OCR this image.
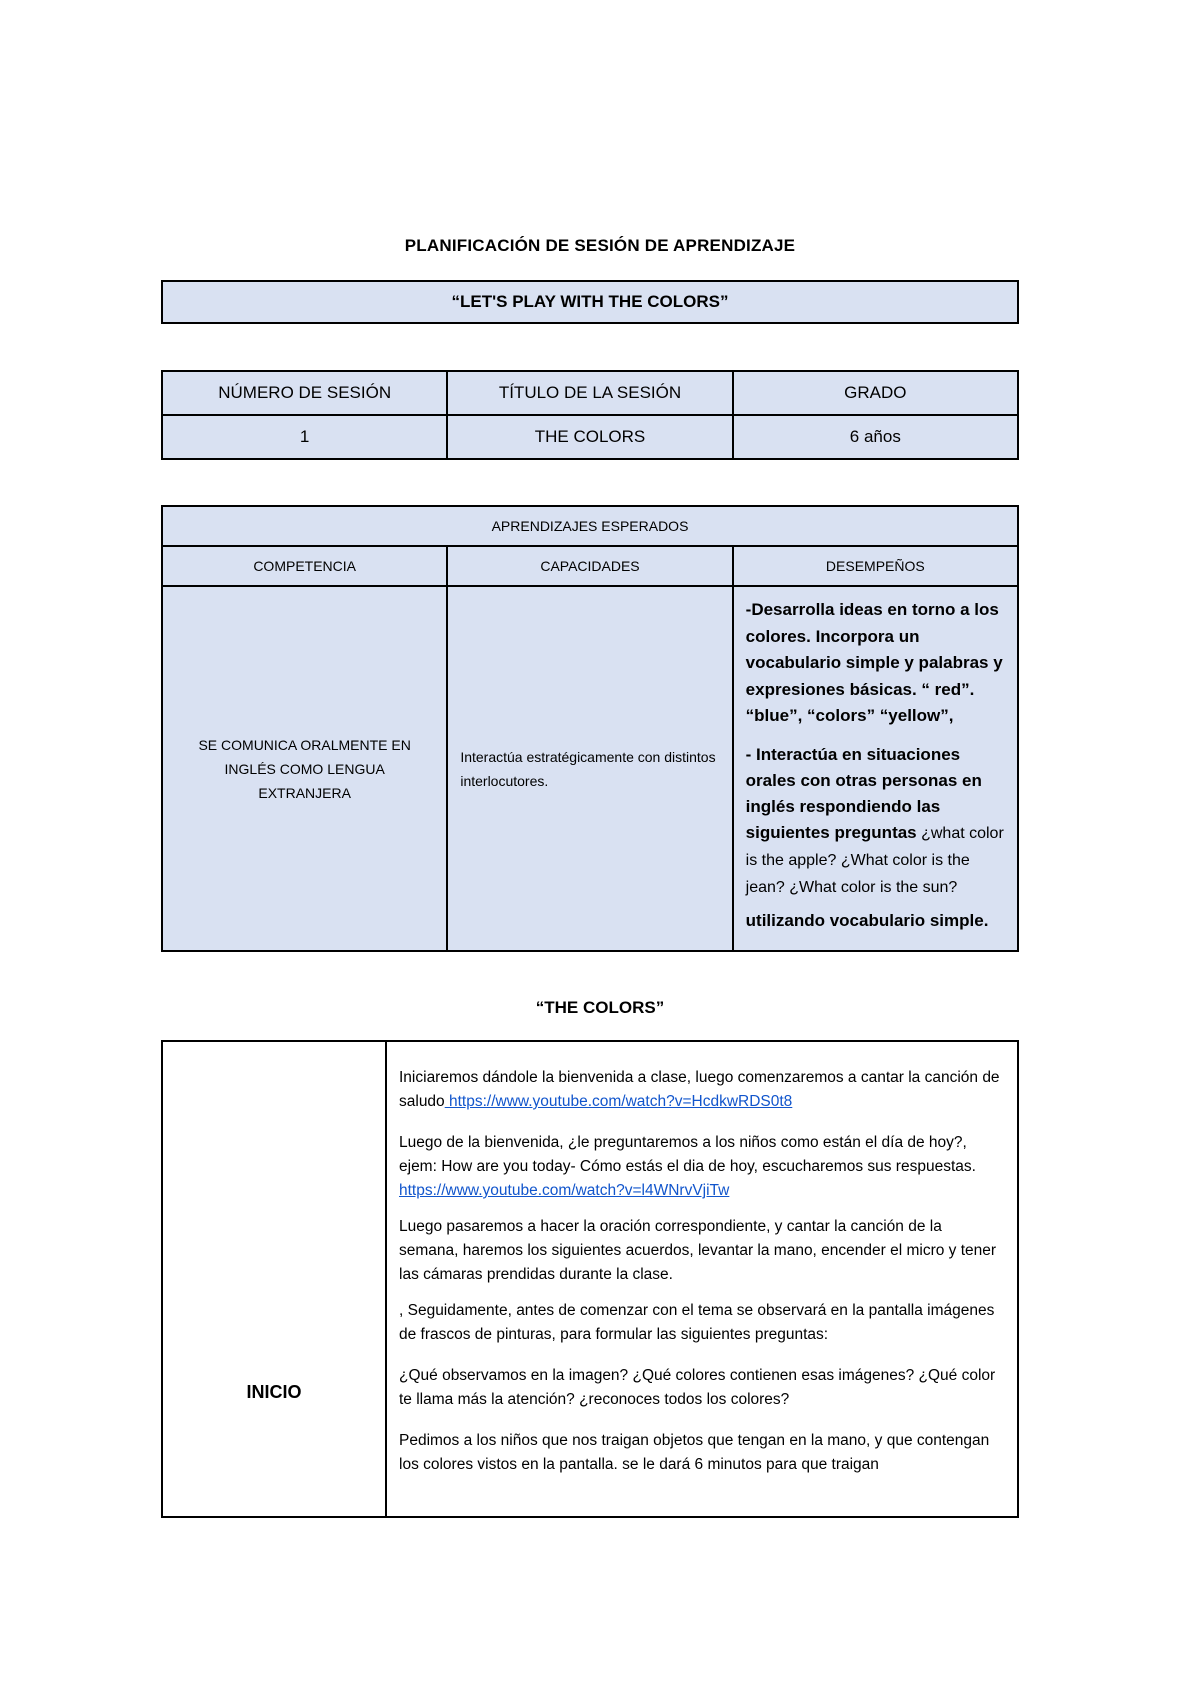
PLANIFICACIÓN DE SESIÓN DE APRENDIZAJE
“LET'S PLAY WITH THE COLORS”
NÚMERO DE SESIÓN	TÍTULO DE LA SESIÓN	GRADO
1	THE COLORS	6 años
APRENDIZAJES ESPERADOS		
COMPETENCIA	CAPACIDADES	DESEMPEÑOS
SE COMUNICA ORALMENTE EN INGLÉS COMO LENGUA EXTRANJERA	Interactúa estratégicamente con distintos interlocutores.	-Desarrolla ideas en torno a los colores. Incorpora un vocabulario simple y palabras y expresiones básicas. “ red”. “blue”, “colors” “yellow”,

- Interactúa en situaciones orales con otras personas en inglés respondiendo las siguientes preguntas ¿what color is the apple? ¿What color is the jean? ¿What color is the sun?

utilizando vocabulario simple.

“THE COLORS”
INICIO	

Iniciaremos dándole la bienvenida a clase, luego comenzaremos a cantar la canción de saludo https://www.youtube.com/watch?v=HcdkwRDS0t8

Luego de la bienvenida, ¿le preguntaremos a los niños como están el día de hoy?, ejem: How are you today- Cómo estás el dia de hoy, escucharemos sus respuestas.
https://www.youtube.com/watch?v=l4WNrvVjiTw

Luego pasaremos a hacer la oración correspondiente, y cantar la canción de la semana, haremos los siguientes acuerdos, levantar la mano, encender el micro y tener las cámaras prendidas durante la clase.

, Seguidamente, antes de comenzar con el tema se observará en la pantalla imágenes de frascos de pinturas, para formular las siguientes preguntas:

¿Qué observamos en la imagen? ¿Qué colores contienen esas imágenes? ¿Qué color te llama más la atención? ¿reconoces todos los colores?

Pedimos a los niños que nos traigan objetos que tengan en la mano, y que contengan los colores vistos en la pantalla. se le dará 6 minutos para que traigan
